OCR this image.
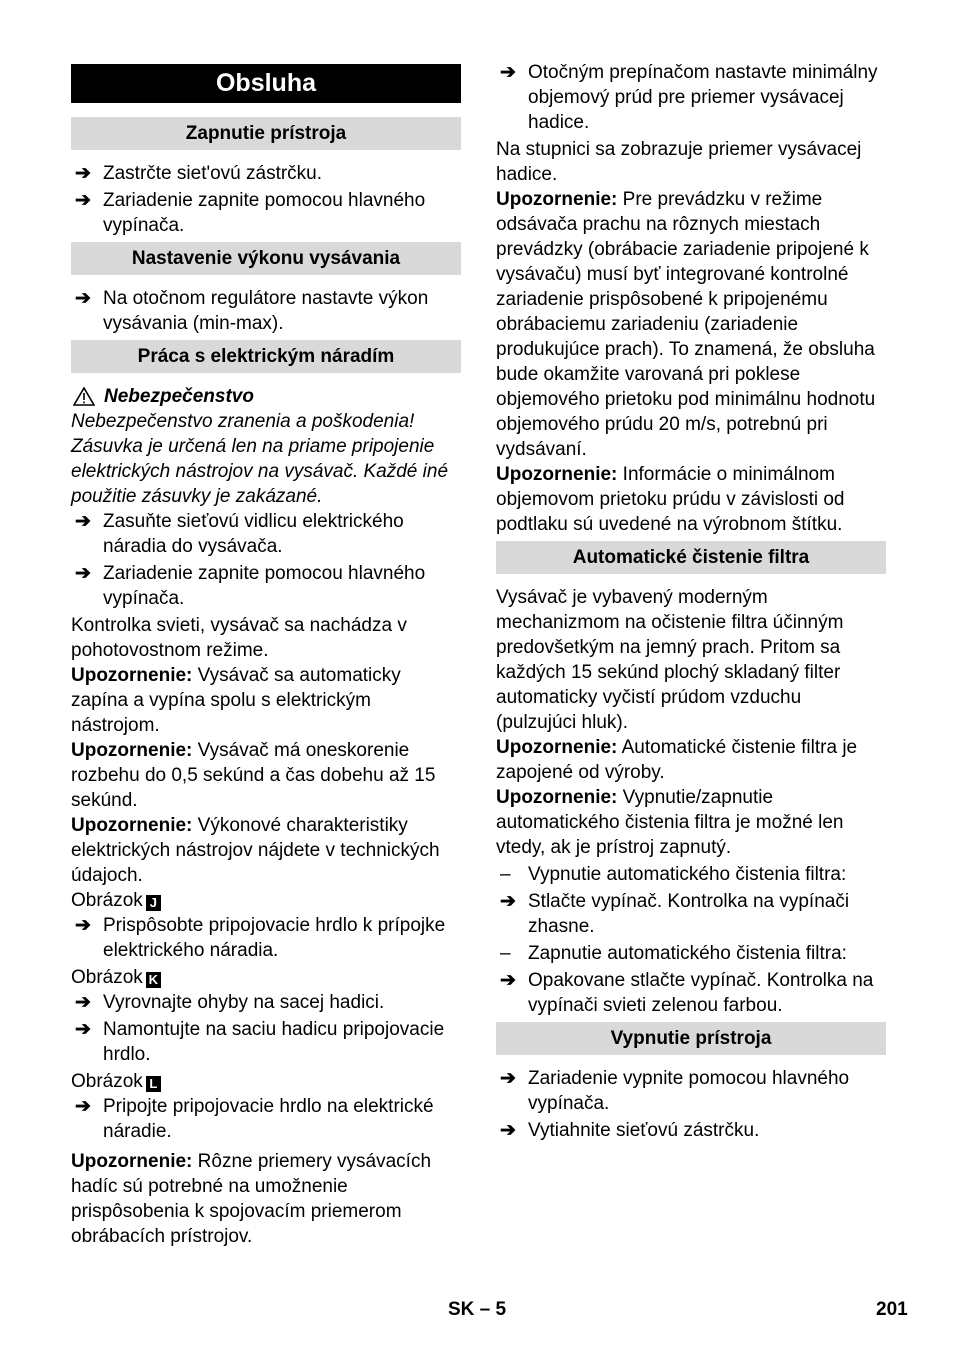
Obsluha
Zapnutie prístroja
➔ Zastrčte siet'ovú zástrčku.
➔ Zariadenie zapnite pomocou hlavného vypínača.
Nastavenie výkonu vysávania
➔ Na otočnom regulátore nastavte výkon vysávania (min-max).
Práca s elektrickým náradím
Nebezpečenstvo

Nebezpečenstvo zranenia a poškodenia! Zásuvka je určená len na priame pripojenie elektrických nástrojov na vysávač. Každé iné použitie zásuvky je zakázané.

➔ Zasuňte sieťovú vidlicu elektrického náradia do vysávača.
➔ Zariadenie zapnite pomocou hlavného vypínača.

Kontrolka svieti, vysávač sa nachádza v pohotovostnom režime.

Upozornenie: Vysávač sa automaticky zapína a vypína spolu s elektrickým nástrojom.

Upozornenie: Vysávač má oneskorenie rozbehu do 0,5 sekúnd a čas dobehu až 15 sekúnd.

Upozornenie: Výkonové charakteristiky elektrických nástrojov nájdete v technických údajoch.

Obrázok J

➔ Prispôsobte pripojovacie hrdlo k prípojke elektrického náradia.

Obrázok K

➔ Vyrovnajte ohyby na sacej hadici.
➔ Namontujte na saciu hadicu pripojovacie hrdlo.

Obrázok L

➔ Pripojte pripojovacie hrdlo na elektrické náradie.

Upozornenie: Rôzne priemery vysávacích hadíc sú potrebné na umožnenie prispôsobenia k spojovacím priemerom obrábacích prístrojov.

➔ Otočným prepínačom nastavte minimálny objemový prúd pre priemer vysávacej hadice.

Na stupnici sa zobrazuje priemer vysávacej hadice.

Upozornenie: Pre prevádzku v režime odsávača prachu na rôznych miestach prevádzky (obrábacie zariadenie pripojené k vysávaču) musí byť integrované kontrolné zariadenie prispôsobené k pripojenému obrábaciemu zariadeniu (zariadenie produkujúce prach). To znamená, že obsluha bude okamžite varovaná pri poklese objemového prietoku pod minimálnu hodnotu objemového prúdu 20 m/s, potrebnú pri vydsávaní.

Upozornenie: Informácie o minimálnom objemovom prietoku prúdu v závislosti od podtlaku sú uvedené na výrobnom štítku.

Automatické čistenie filtra

Vysávač je vybavený moderným mechanizmom na očistenie filtra účinným predovšetkým na jemný prach. Pritom sa každých 15 sekúnd plochý skladaný filter automaticky vyčistí prúdom vzduchu (pulzujúci hluk).

Upozornenie: Automatické čistenie filtra je zapojené od výroby.

Upozornenie: Vypnutie/zapnutie automatického čistenia filtra je možné len vtedy, ak je prístroj zapnutý.

– Vypnutie automatického čistenia filtra:
➔ Stlačte vypínač. Kontrolka na vypínači zhasne.
– Zapnutie automatického čistenia filtra:
➔ Opakovane stlačte vypínač. Kontrolka na vypínači svieti zelenou farbou.
Vypnutie prístroja
➔ Zariadenie vypnite pomocou hlavného vypínača.
➔ Vytiahnite sieťovú zástrčku.
SK – 5	201
